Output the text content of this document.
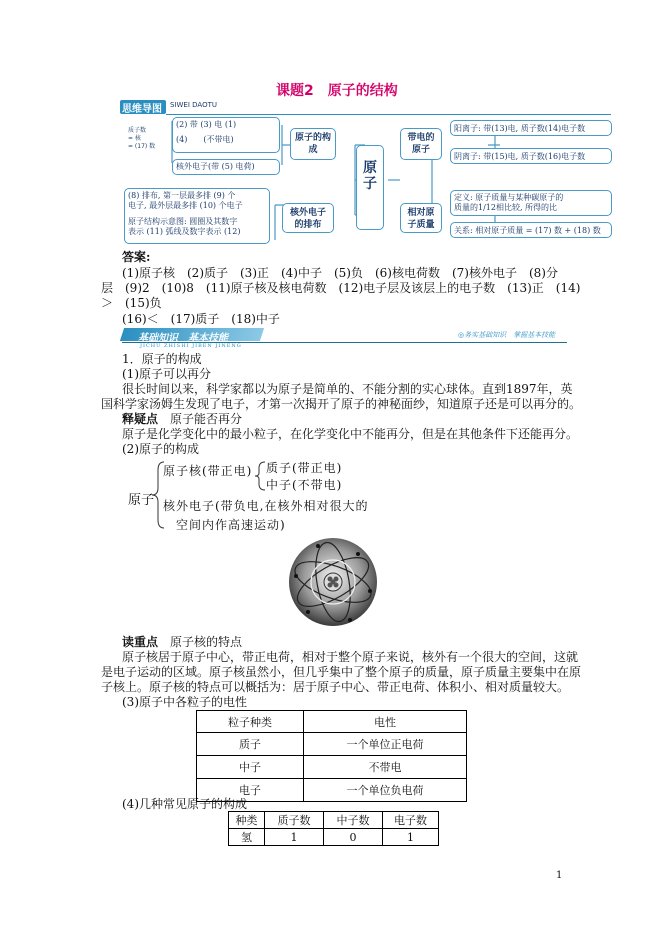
课题2　原子的结构
思维导图 SIWEI DAOTU
质子数
= 核
= (17) 数
(2) 带 (3) 电 (1)
(4)　　(不带电)
核外电子(带 (5) 电荷)
原子的构成
原子
带电的原子
阳离子: 带(13)电, 质子数(14)电子数
阴离子: 带(15)电, 质子数(16)电子数
(8) 排布, 第一层最多排 (9) 个
电子, 最外层最多排 (10) 个电子
原子结构示意图: 圆圈及其数字
表示 (11) 弧线及数字表示 (12)
核外电子的排布
相对原子质量
定义: 原子质量与某种碳原子的
质量的1/12相比较, 所得的比
关系: 相对原子质量 = (17) 数 + (18) 数
答案:
(1)原子核　(2)质子　(3)正　(4)中子　(5)负　(6)核电荷数　(7)核外电子　(8)分
层　(9)2　(10)8　(11)原子核及核电荷数　(12)电子层及该层上的电子数　(13)正　(14)
＞　(15)负
(16)＜　(17)质子　(18)中子
基础知识　基本技能
JICHU ZHISHI JIBEN JINENG
◎务实基础知识　掌握基本技能
1．原子的构成
(1)原子可以再分
很长时间以来，科学家都以为原子是简单的、不能分割的实心球体。直到1897年，英
国科学家汤姆生发现了电子，才第一次揭开了原子的神秘面纱，知道原子还是可以再分的。
释疑点　 原子能否再分
原子是化学变化中的最小粒子，在化学变化中不能再分，但是在其他条件下还能再分。
(2)原子的构成
原子
原子核(带正电) 质子(带正电)
中子(不带电)
核外电子(带负电,在核外相对很大的
空间内作高速运动)
读重点　 原子核的特点
原子核居于原子中心，带正电荷，相对于整个原子来说，核外有一个很大的空间，这就
是电子运动的区域。原子核虽然小，但几乎集中了整个原子的质量，原子质量主要集中在原
子核上。原子核的特点可以概括为：居于原子中心、带正电荷、体积小、相对质量较大。
(3)原子中各粒子的电性
粒子种类	电性
质子	一个单位正电荷
中子	不带电
电子	一个单位负电荷
(4)几种常见原子的构成
种类	质子数	中子数	电子数
氢	1	0	1
1
